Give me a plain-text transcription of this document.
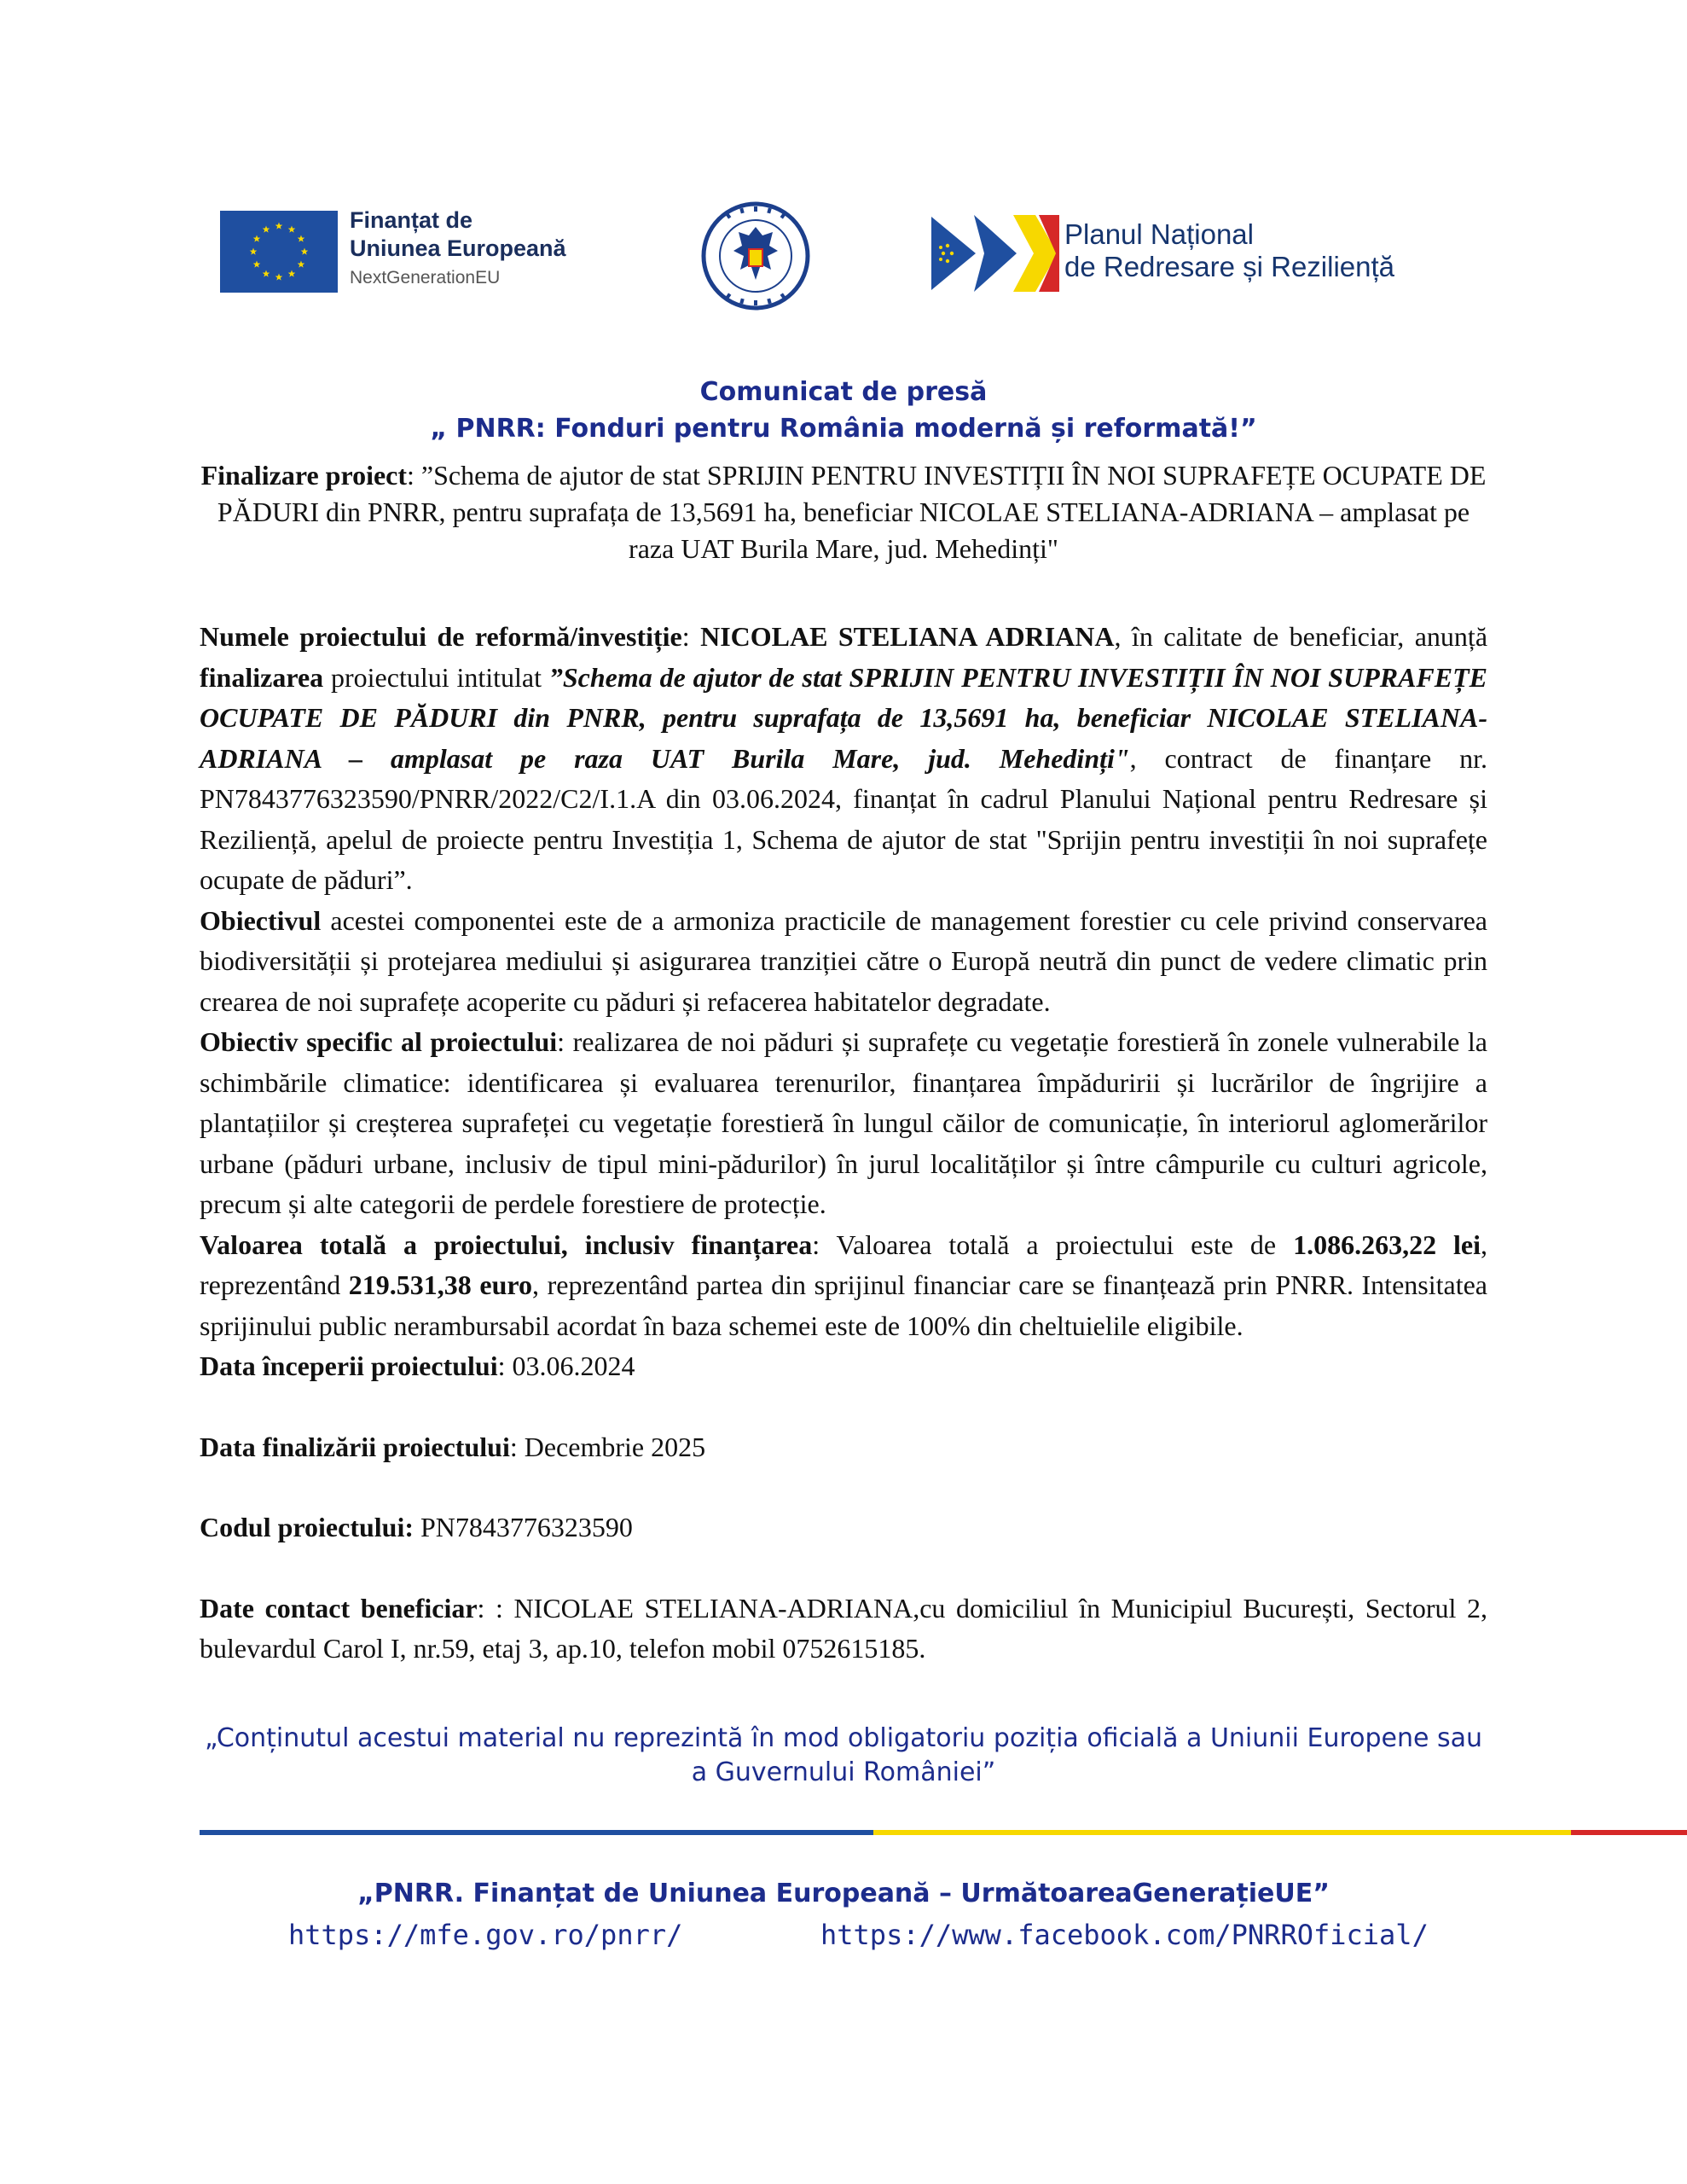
Finanțat de
Uniunea Europeană
NextGenerationEU
Planul Național
de Redresare și Reziliență
Comunicat de presă
„ PNRR: Fonduri pentru România modernă și reformată!”
Finalizare proiect: ”Schema de ajutor de stat SPRIJIN PENTRU INVESTIȚII ÎN NOI SUPRAFEȚE OCUPATE DE PĂDURI din PNRR, pentru suprafața de 13,5691 ha, beneficiar NICOLAE STELIANA-ADRIANA – amplasat pe raza UAT Burila Mare, jud. Mehedinți"

Numele proiectului de reformă/investiție: NICOLAE STELIANA ADRIANA, în calitate de beneficiar, anunță finalizarea proiectului intitulat ”Schema de ajutor de stat SPRIJIN PENTRU INVESTIȚII ÎN NOI SUPRAFEȚE OCUPATE DE PĂDURI din PNRR, pentru suprafața de 13,5691 ha, beneficiar NICOLAE STELIANA-ADRIANA – amplasat pe raza UAT Burila Mare, jud. Mehedinți", contract de finanțare nr. PN7843776323590/PNRR/2022/C2/I.1.A din 03.06.2024, finanțat în cadrul Planului Național pentru Redresare și Reziliență, apelul de proiecte pentru Investiția 1, Schema de ajutor de stat "Sprijin pentru investiții în noi suprafețe ocupate de păduri”.

Obiectivul acestei componentei este de a armoniza practicile de management forestier cu cele privind conservarea biodiversității și protejarea mediului și asigurarea tranziției către o Europă neutră din punct de vedere climatic prin crearea de noi suprafețe acoperite cu păduri și refacerea habitatelor degradate.

Obiectiv specific al proiectului: realizarea de noi păduri și suprafețe cu vegetație forestieră în zonele vulnerabile la schimbările climatice: identificarea și evaluarea terenurilor, finanțarea împăduririi și lucrărilor de îngrijire a plantațiilor și creșterea suprafeței cu vegetație forestieră în lungul căilor de comunicație, în interiorul aglomerărilor urbane (păduri urbane, inclusiv de tipul mini-pădurilor) în jurul localităților și între câmpurile cu culturi agricole, precum și alte categorii de perdele forestiere de protecție.

Valoarea totală a proiectului, inclusiv finanțarea: Valoarea totală a proiectului este de 1.086.263,22 lei, reprezentând 219.531,38 euro, reprezentând partea din sprijinul financiar care se finanțează prin PNRR. Intensitatea sprijinului public nerambursabil acordat în baza schemei este de 100% din cheltuielile eligibile.

Data începerii proiectului: 03.06.2024

Data finalizării proiectului: Decembrie 2025

Codul proiectului: PN7843776323590

Date contact beneficiar: : NICOLAE STELIANA-ADRIANA,cu domiciliul în Municipiul București, Sectorul 2, bulevardul Carol I, nr.59, etaj 3, ap.10, telefon mobil 0752615185.

„Conținutul acestui material nu reprezintă în mod obligatoriu poziția oficială a Uniunii Europene sau a Guvernului României”
„PNRR. Finanțat de Uniunea Europeană – UrmătoareaGenerațieUE”
https://mfe.gov.ro/pnrr/	https://www.facebook.com/PNRROficial/
